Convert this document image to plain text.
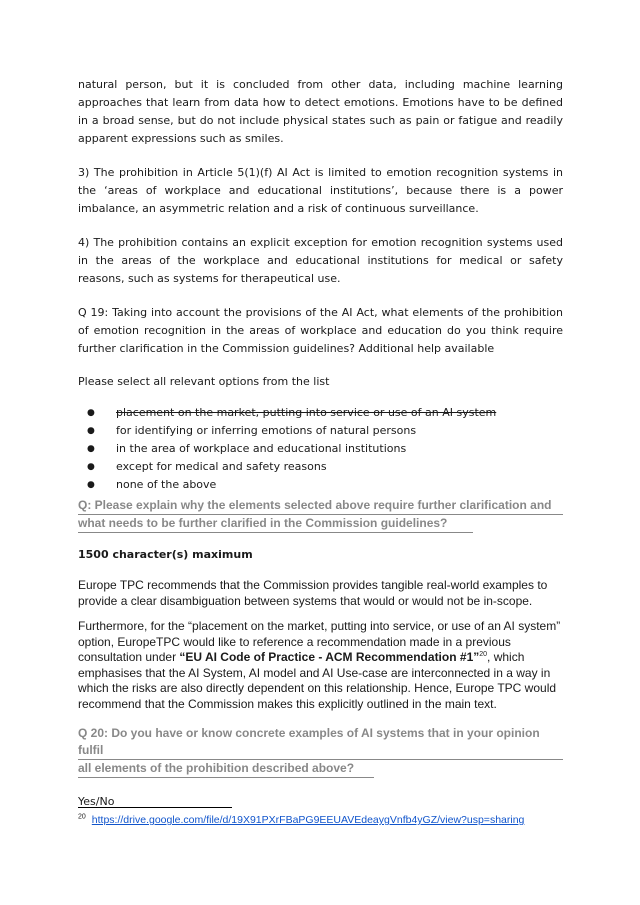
natural person, but it is concluded from other data, including machine learning approaches that learn from data how to detect emotions. Emotions have to be defined in a broad sense, but do not include physical states such as pain or fatigue and readily apparent expressions such as smiles.

3) The prohibition in Article 5(1)(f) AI Act is limited to emotion recognition systems in the ‘areas of workplace and educational institutions’, because there is a power imbalance, an asymmetric relation and a risk of continuous surveillance.

4) The prohibition contains an explicit exception for emotion recognition systems used in the areas of the workplace and educational institutions for medical or safety reasons, such as systems for therapeutical use.

Q 19: Taking into account the provisions of the AI Act, what elements of the prohibition of emotion recognition in the areas of workplace and education do you think require further clarification in the Commission guidelines? Additional help available

Please select all relevant options from the list

● placement on the market, putting into service or use of an AI system
● for identifying or inferring emotions of natural persons
● in the area of workplace and educational institutions
● except for medical and safety reasons
● none of the above
Q: Please explain why the elements selected above require further clarification and
what needs to be further clarified in the Commission guidelines?

1500 character(s) maximum

Europe TPC recommends that the Commission provides tangible real-world examples to provide a clear disambiguation between systems that would or would not be in-scope.

Furthermore, for the “placement on the market, putting into service, or use of an AI system” option, EuropeTPC would like to reference a recommendation made in a previous consultation under “EU AI Code of Practice - ACM Recommendation #1”$^{20}$, which emphasises that the AI System, AI model and AI Use-case are interconnected in a way in which the risks are also directly dependent on this relationship. Hence, Europe TPC would recommend that the Commission makes this explicitly outlined in the main text.

Q 20: Do you have or know concrete examples of AI systems that in your opinion fulfil
all elements of the prohibition described above?

Yes/No

$^{20}$ https://drive.google.com/file/d/19X91PXrFBaPG9EEUAVEdeaygVnfb4yGZ/view?usp=sharing
